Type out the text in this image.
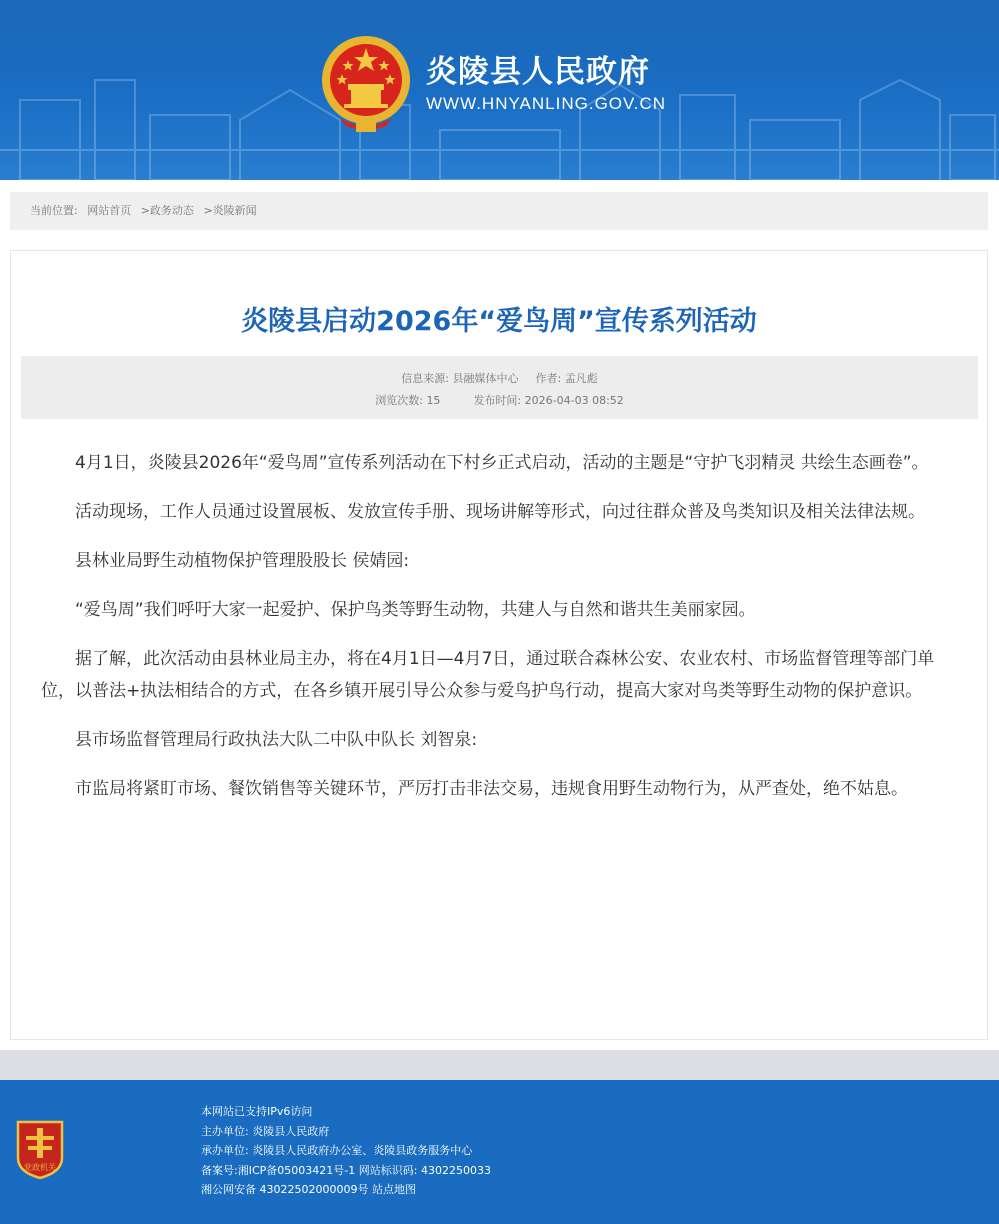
炎陵县人民政府
WWW.HNYANLING.GOV.CN
当前位置: 网站首页 >政务动态 >炎陵新闻
炎陵县启动2026年“爱鸟周”宣传系列活动
信息来源: 县融媒体中心 作者: 孟凡彪
浏览次数: 15	发布时间: 2026-04-03 08:52

4月1日，炎陵县2026年“爱鸟周”宣传系列活动在下村乡正式启动，活动的主题是“守护飞羽精灵 共绘生态画卷”。

活动现场，工作人员通过设置展板、发放宣传手册、现场讲解等形式，向过往群众普及鸟类知识及相关法律法规。

县林业局野生动植物保护管理股股长 侯婧园:

“爱鸟周”我们呼吁大家一起爱护、保护鸟类等野生动物，共建人与自然和谐共生美丽家园。

据了解，此次活动由县林业局主办，将在4月1日—4月7日，通过联合森林公安、农业农村、市场监督管理等部门单位，以普法+执法相结合的方式，在各乡镇开展引导公众参与爱鸟护鸟行动，提高大家对鸟类等野生动物的保护意识。

县市场监督管理局行政执法大队二中队中队长 刘智泉:

市监局将紧盯市场、餐饮销售等关键环节，严厉打击非法交易，违规食用野生动物行为，从严查处，绝不姑息。

党政机关
本网站已支持IPv6访问
主办单位: 炎陵县人民政府
承办单位: 炎陵县人民政府办公室、炎陵县政务服务中心
备案号:湘ICP备05003421号-1 网站标识码: 4302250033
湘公网安备 43022502000009号 站点地图
